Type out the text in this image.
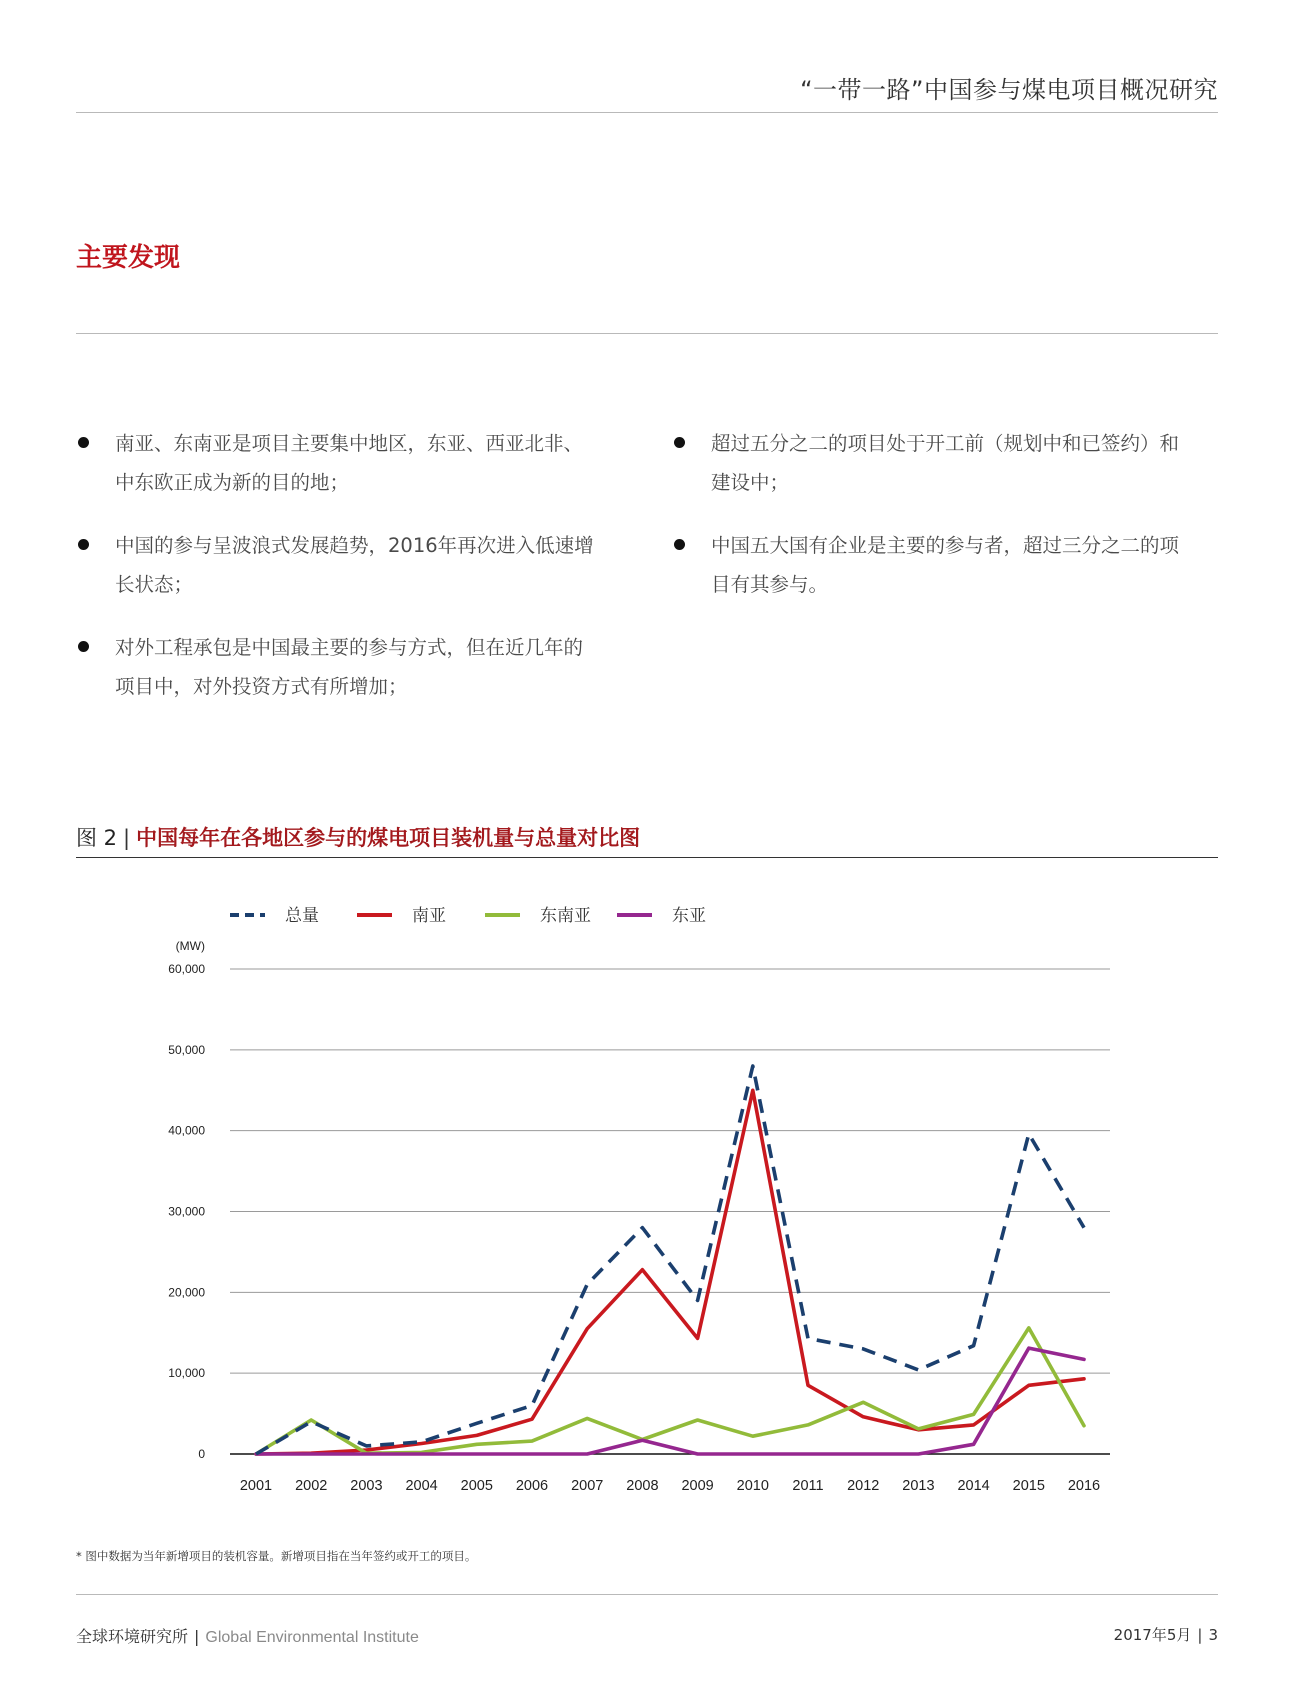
“一带一路”中国参与煤电项目概况研究
主要发现
南亚、东南亚是项目主要集中地区，东亚、西亚北非、
中东欧正成为新的目的地；
中国的参与呈波浪式发展趋势，2016年再次进入低速增
长状态；
对外工程承包是中国最主要的参与方式，但在近几年的
项目中，对外投资方式有所增加；
超过五分之二的项目处于开工前（规划中和已签约）和
建设中；
中国五大国有企业是主要的参与者，超过三分之二的项
目有其参与。
图 2 | 中国每年在各地区参与的煤电项目装机量与总量对比图
总量	南亚	东南亚	东亚
0
10,000
20,000
30,000
40,000
50,000
60,000
(MW)
2001 2002 2003 2004 2005 2006 2007 2008 2009 2010 2011 2012 2013 2014 2015 2016
* 图中数据为当年新增项目的装机容量。新增项目指在当年签约或开工的项目。
全球环境研究所 | Global Environmental Institute	2017年5月 | 3
